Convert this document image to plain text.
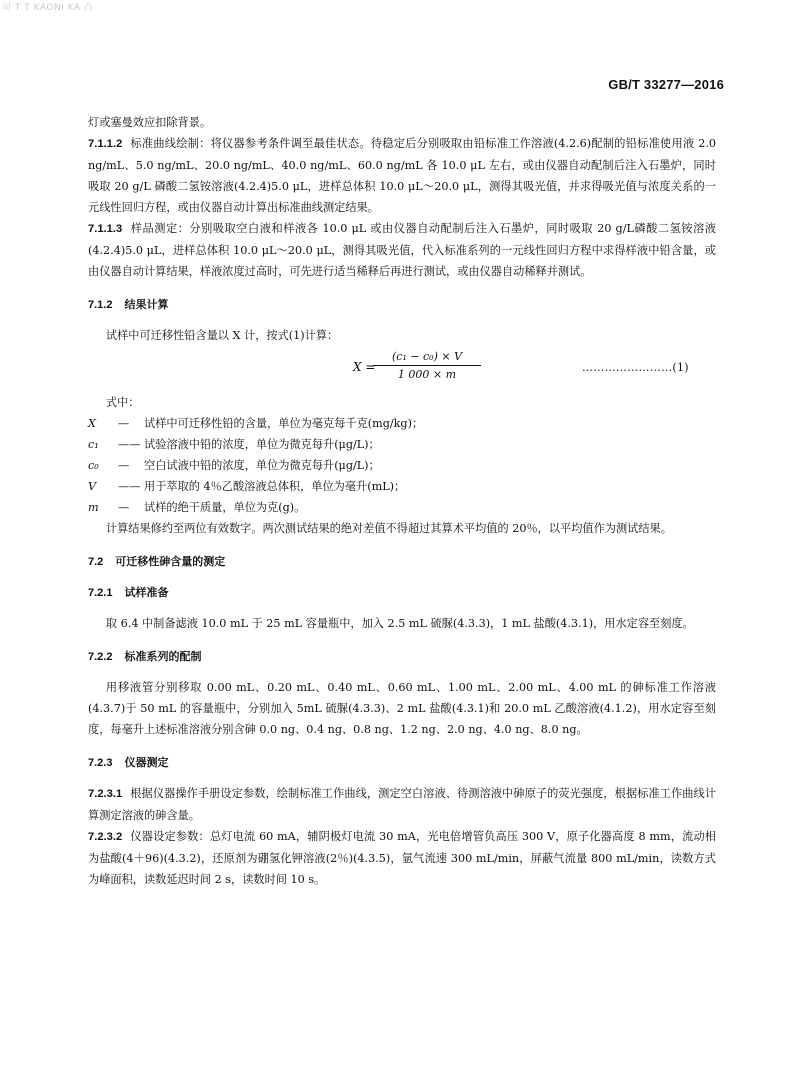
司 T T KAONI KA 凸
GB/T 33277—2016

灯或塞曼效应扣除背景。

7.1.1.2 标准曲线绘制：将仪器参考条件调至最佳状态。待稳定后分别吸取由铅标准工作溶液(4.2.6)配制的铅标准使用液 2.0 ng/mL、5.0 ng/mL、20.0 ng/mL、40.0 ng/mL、60.0 ng/mL 各 10.0 μL 左右，或由仪器自动配制后注入石墨炉，同时吸取 20 g/L 磷酸二氢铵溶液(4.2.4)5.0 μL，进样总体积 10.0 μL～20.0 μL，测得其吸光值，并求得吸光值与浓度关系的一元线性回归方程，或由仪器自动计算出标准曲线测定结果。

7.1.1.3 样品测定：分别吸取空白液和样液各 10.0 μL 或由仪器自动配制后注入石墨炉，同时吸取 20 g/L磷酸二氢铵溶液(4.2.4)5.0 μL，进样总体积 10.0 μL～20.0 μL，测得其吸光值，代入标准系列的一元线性回归方程中求得样液中铅含量，或由仪器自动计算结果，样液浓度过高时，可先进行适当稀释后再进行测试，或由仪器自动稀释并测试。

7.1.2 结果计算

试样中可迁移性铅含量以 X 计，按式(1)计算：

X =
$\frac{\text{(c₁ − c₀) × V}}{1 000 \times m}$	……………………(1)

式中：

X	—	试样中可迁移性铅的含量，单位为毫克每千克(mg/kg)；
c₁	—— 试验溶液中铅的浓度，单位为微克每升(μg/L)；
c₀	—	空白试液中铅的浓度，单位为微克每升(μg/L)；
V	—— 用于萃取的 4％乙酸溶液总体积，单位为毫升(mL)；
m	—	试样的绝干质量，单位为克(g)。

计算结果修约至两位有效数字。两次测试结果的绝对差值不得超过其算术平均值的 20％，以平均值作为测试结果。

7.2 可迁移性砷含量的测定
7.2.1 试样准备

取 6.4 中制备滤液 10.0 mL 于 25 mL 容量瓶中，加入 2.5 mL 硫脲(4.3.3)，1 mL 盐酸(4.3.1)，用水定容至刻度。

7.2.2 标准系列的配制

用移液管分别移取 0.00 mL、0.20 mL、0.40 mL、0.60 mL、1.00 mL、2.00 mL、4.00 mL 的砷标准工作溶液(4.3.7)于 50 mL 的容量瓶中，分别加入 5mL 硫脲(4.3.3)、2 mL 盐酸(4.3.1)和 20.0 mL 乙酸溶液(4.1.2)，用水定容至刻度，每毫升上述标准溶液分别含砷 0.0 ng、0.4 ng、0.8 ng、1.2 ng、2.0 ng、4.0 ng、8.0 ng。

7.2.3 仪器测定

7.2.3.1 根据仪器操作手册设定参数，绘制标准工作曲线，测定空白溶液、待测溶液中砷原子的荧光强度，根据标准工作曲线计算测定溶液的砷含量。

7.2.3.2 仪器设定参数：总灯电流 60 mA，辅阴极灯电流 30 mA，光电倍增管负高压 300 V，原子化器高度 8 mm，流动相为盐酸(4＋96)(4.3.2)，还原剂为硼氢化钾溶液(2％)(4.3.5)，氩气流速 300 mL/min，屏蔽气流量 800 mL/min，读数方式为峰面积，读数延迟时间 2 s，读数时间 10 s。
